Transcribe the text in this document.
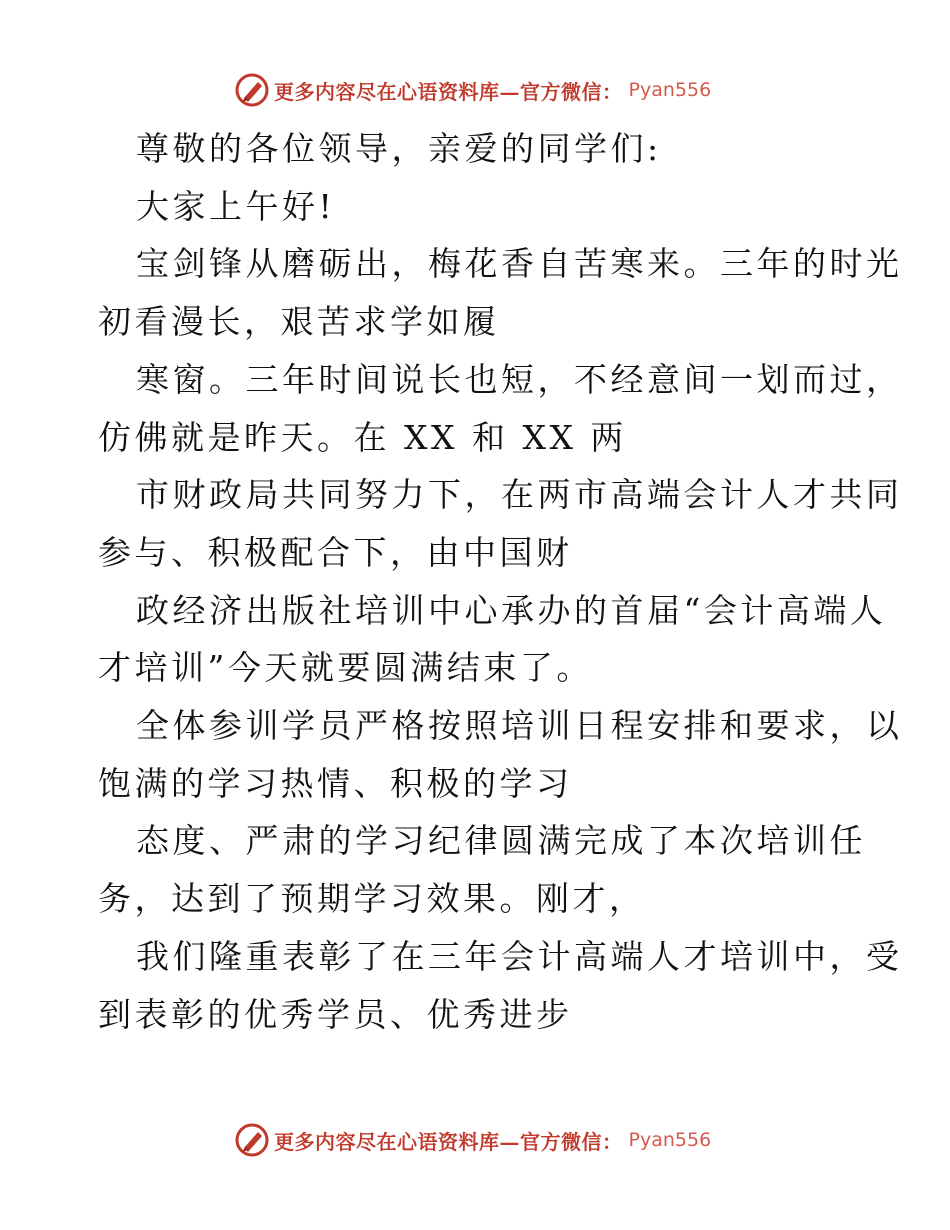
更多内容尽在心语资料库—官方微信： Pyan556
尊敬的各位领导，亲爱的同学们:
大家上午好!
宝剑锋从磨砺出，梅花香自苦寒来。三年的时光
初看漫长，艰苦求学如履
寒窗。三年时间说长也短，不经意间一划而过，
仿佛就是昨天。在 XX 和 XX 两
市财政局共同努力下，在两市高端会计人才共同
参与、积极配合下，由中国财
政经济出版社培训中心承办的首届“会计高端人
才培训”今天就要圆满结束了。
全体参训学员严格按照培训日程安排和要求，以
饱满的学习热情、积极的学习
态度、严肃的学习纪律圆满完成了本次培训任
务，达到了预期学习效果。刚才，
我们隆重表彰了在三年会计高端人才培训中，受
到表彰的优秀学员、优秀进步
更多内容尽在心语资料库—官方微信： Pyan556
